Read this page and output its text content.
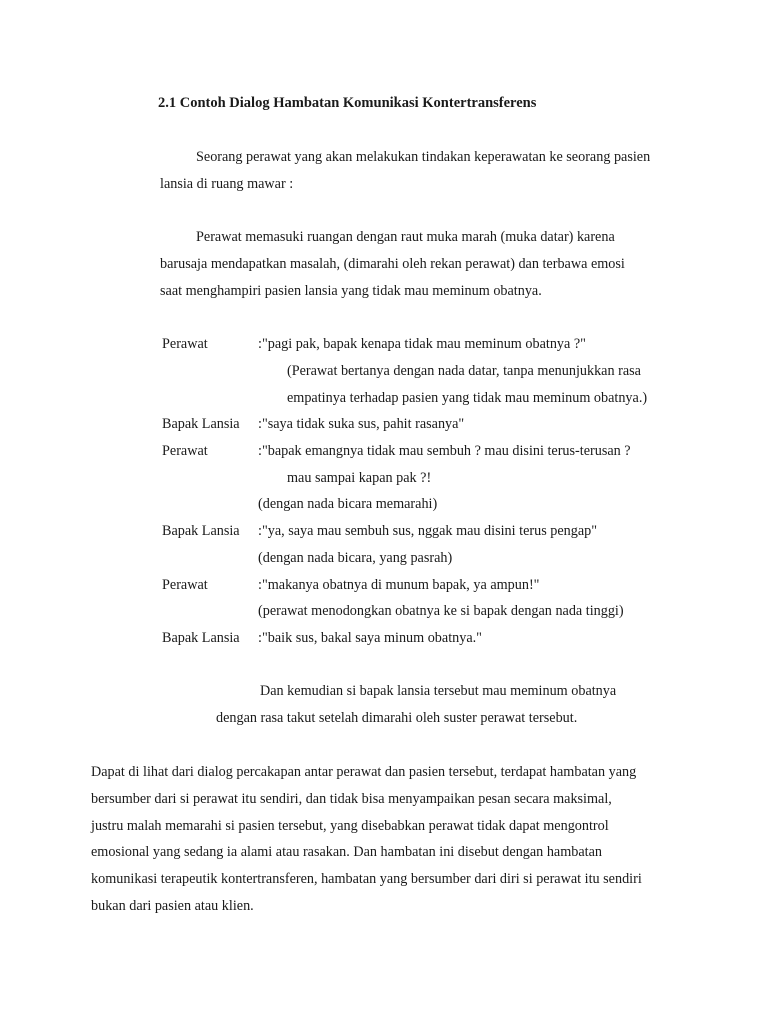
2.1 Contoh Dialog Hambatan Komunikasi Kontertransferens
Seorang perawat yang akan melakukan tindakan keperawatan ke seorang pasien
lansia di ruang mawar :
Perawat memasuki ruangan dengan raut muka marah (muka datar) karena
barusaja mendapatkan masalah, (dimarahi oleh rekan perawat) dan terbawa emosi
saat menghampiri pasien lansia yang tidak mau meminum obatnya.
Perawat	:"pagi pak, bapak kenapa tidak mau meminum obatnya ?"
(Perawat bertanya dengan nada datar, tanpa menunjukkan rasa
empatinya terhadap pasien yang tidak mau meminum obatnya.)
Bapak Lansia :"saya tidak suka sus, pahit rasanya"
Perawat	:"bapak emangnya tidak mau sembuh ? mau disini terus-terusan ?
mau sampai kapan pak ?!
(dengan nada bicara memarahi)
Bapak Lansia :"ya, saya mau sembuh sus, nggak mau disini terus pengap"
(dengan nada bicara, yang pasrah)
Perawat	:"makanya obatnya di munum bapak, ya ampun!"
(perawat menodongkan obatnya ke si bapak dengan nada tinggi)
Bapak Lansia :"baik sus, bakal saya minum obatnya."
Dan kemudian si bapak lansia tersebut mau meminum obatnya
dengan rasa takut setelah dimarahi oleh suster perawat tersebut.
Dapat di lihat dari dialog percakapan antar perawat dan pasien tersebut, terdapat hambatan yang
bersumber dari si perawat itu sendiri, dan tidak bisa menyampaikan pesan secara maksimal,
justru malah memarahi si pasien tersebut, yang disebabkan perawat tidak dapat mengontrol
emosional yang sedang ia alami atau rasakan. Dan hambatan ini disebut dengan hambatan
komunikasi terapeutik kontertransferen, hambatan yang bersumber dari diri si perawat itu sendiri
bukan dari pasien atau klien.
